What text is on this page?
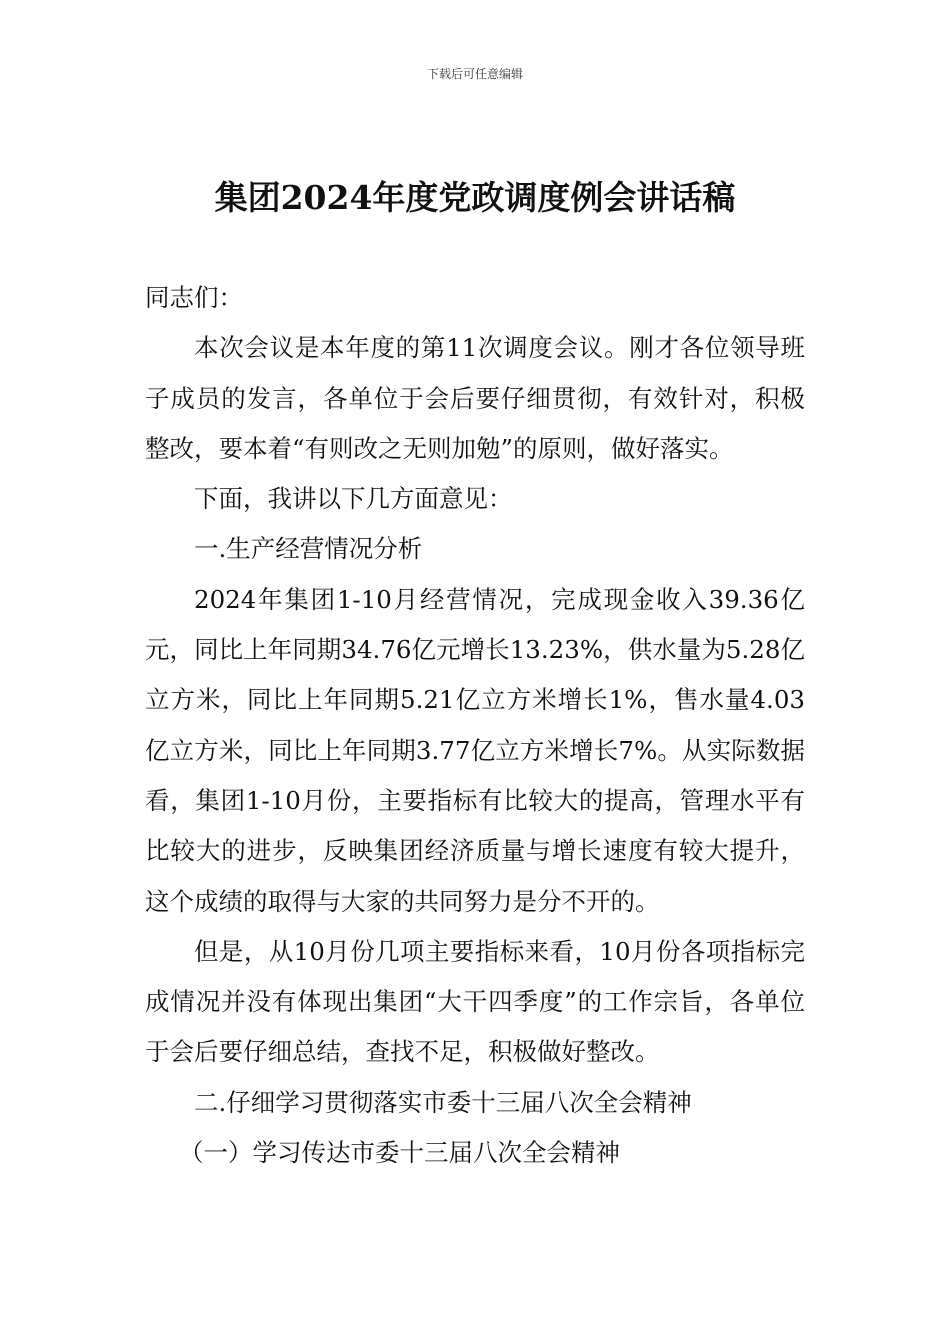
下载后可任意编辑
集团2024年度党政调度例会讲话稿

同志们：

本次会议是本年度的第11次调度会议。刚才各位领导班子成员的发言，各单位于会后要仔细贯彻，有效针对，积极整改，要本着“有则改之无则加勉”的原则，做好落实。

下面，我讲以下几方面意见：

一.生产经营情况分析

2024年集团1-10月经营情况，完成现金收入39.36亿元，同比上年同期34.76亿元增长13.23%，供水量为5.28亿立方米，同比上年同期5.21亿立方米增长1%，售水量4.03亿立方米，同比上年同期3.77亿立方米增长7%。从实际数据看，集团1-10月份，主要指标有比较大的提高，管理水平有比较大的进步，反映集团经济质量与增长速度有较大提升，这个成绩的取得与大家的共同努力是分不开的。

但是，从10月份几项主要指标来看，10月份各项指标完成情况并没有体现出集团“大干四季度”的工作宗旨，各单位于会后要仔细总结，查找不足，积极做好整改。

二.仔细学习贯彻落实市委十三届八次全会精神

（一）学习传达市委十三届八次全会精神
